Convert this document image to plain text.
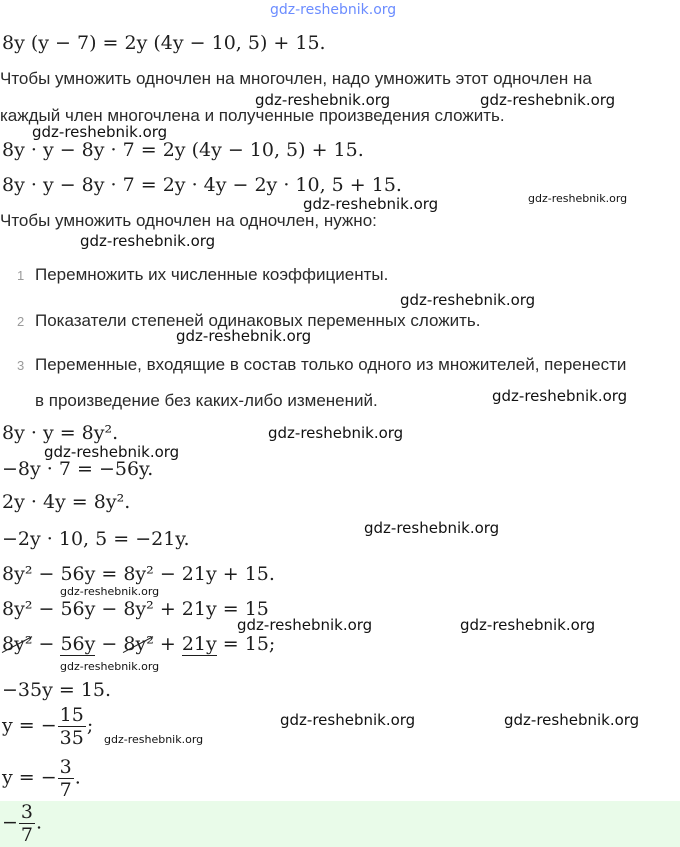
gdz-reshebnik.org
8y (y − 7) = 2y (4y − 10, 5) + 15.
Чтобы умножить одночлен на многочлен, надо умножить этот одночлен на
каждый член многочлена и полученные произведения сложить.
gdz-reshebnik.org	gdz-reshebnik.org
gdz-reshebnik.org
8y · y − 8y · 7 = 2y (4y − 10, 5) + 15.
8y · y − 8y · 7 = 2y · 4y − 2y · 10, 5 + 15.
gdz-reshebnik.org	gdz-reshebnik.org
Чтобы умножить одночлен на одночлен, нужно:
gdz-reshebnik.org
1 Перемножить их численные коэффициенты.
gdz-reshebnik.org
2 Показатели степеней одинаковых переменных сложить.
gdz-reshebnik.org
3 Переменные, входящие в состав только одного из множителей, перенести
в произведение без каких-либо изменений.	gdz-reshebnik.org
8y · y = 8y².	gdz-reshebnik.org
gdz-reshebnik.org
−8y · 7 = −56y.
2y · 4y = 8y².
gdz-reshebnik.org
−2y · 10, 5 = −21y.
8y² − 56y = 8y² − 21y + 15.
gdz-reshebnik.org
8y² − 56y − 8y² + 21y = 15
gdz-reshebnik.org	gdz-reshebnik.org
8y² − 56y − 8y² + 21y = 15;
gdz-reshebnik.org
−35y = 15.
y = − $\frac{15}{35}$ ;	gdz-reshebnik.org	gdz-reshebnik.org
gdz-reshebnik.org
y = − $\frac{3}{7}$ .
− $\frac{3}{7}$ .
